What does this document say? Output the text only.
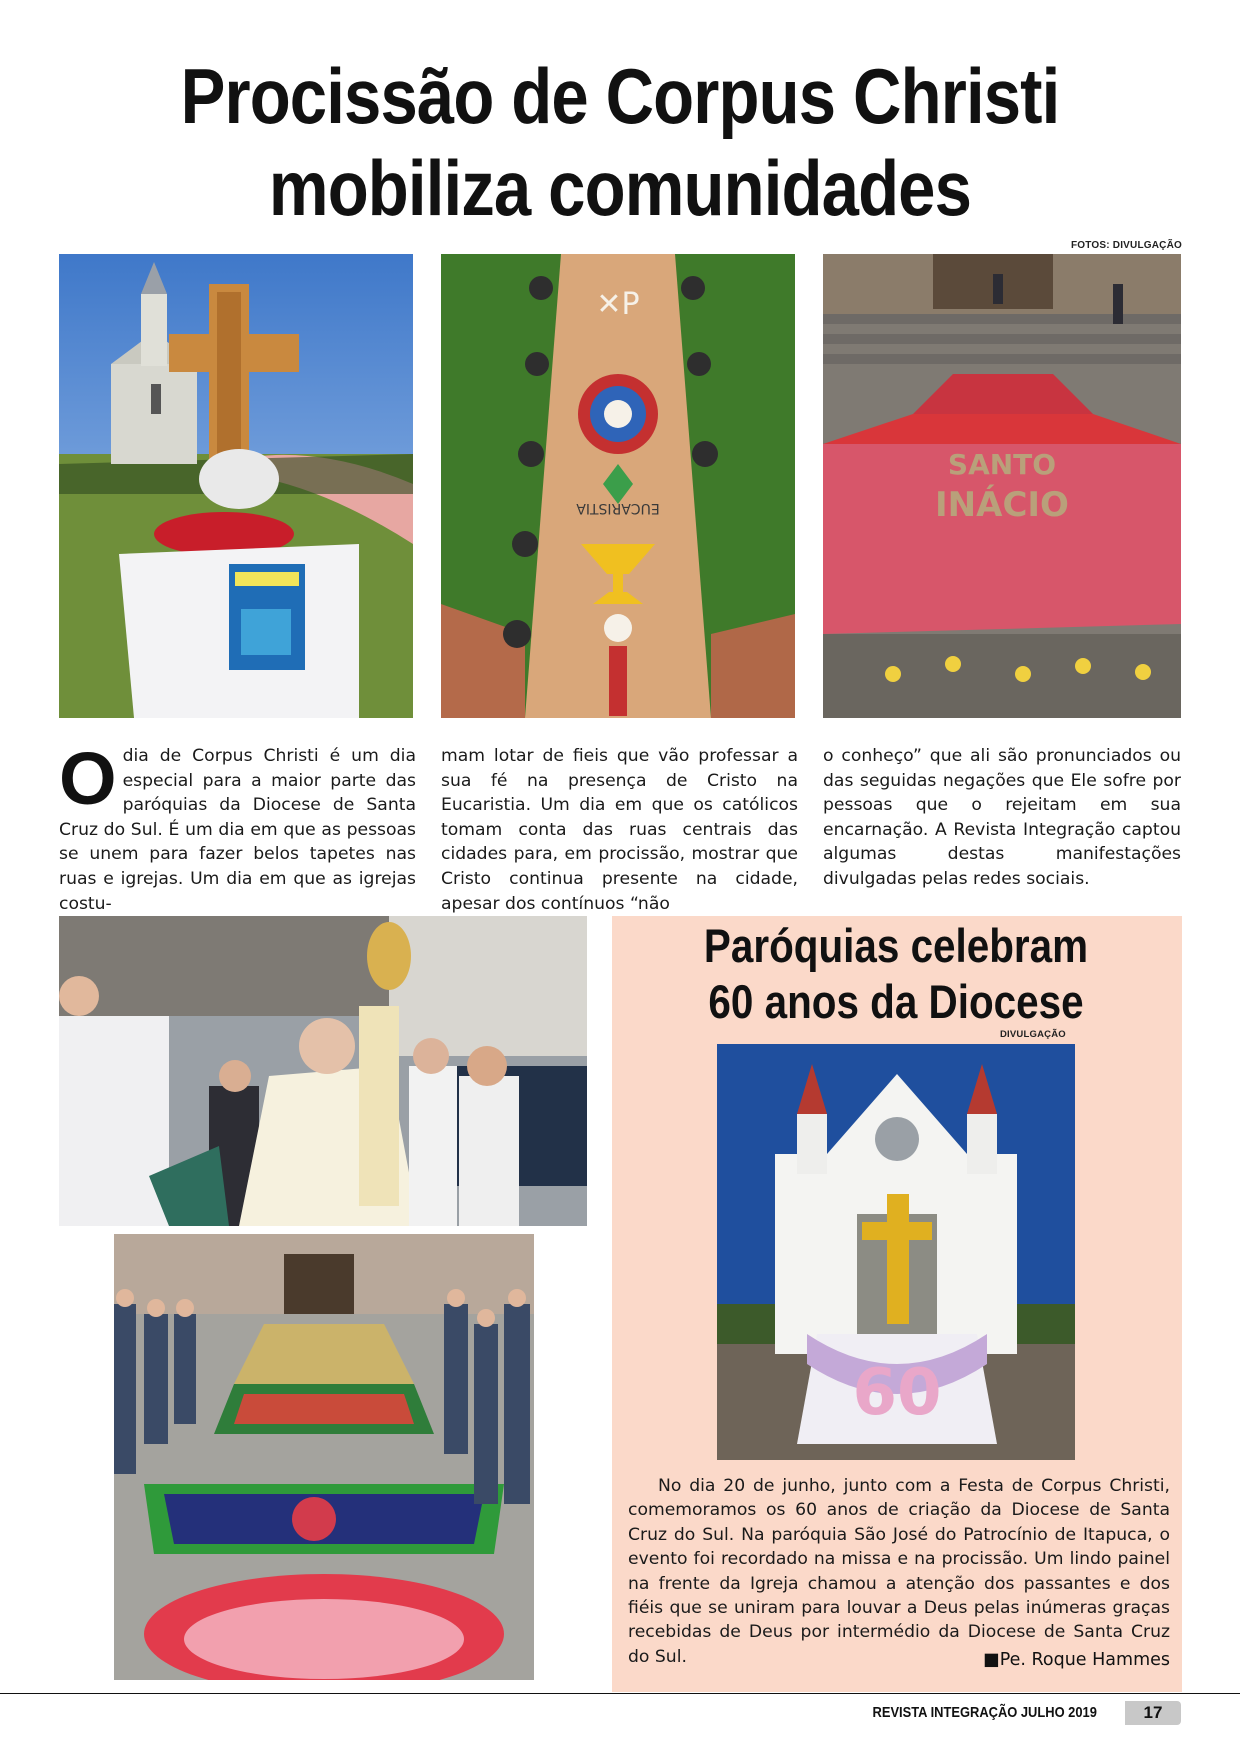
Procissão de Corpus Christi
mobiliza comunidades
FOTOS: DIVULGAÇÃO
✕P
EUCARISTIA
SANTO
INÁCIO
O dia de Corpus Christi é um dia especial para a maior parte das paróquias da Diocese de Santa Cruz do Sul. É um dia em que as pessoas se unem para fazer belos tapetes nas ruas e igrejas. Um dia em que as igrejas costu-

mam lotar de fieis que vão professar a sua fé na presença de Cristo na Eucaristia. Um dia em que os católicos tomam conta das ruas centrais das cidades para, em procissão, mostrar que Cristo continua presente na cidade, apesar dos contínuos “não

o conheço” que ali são pronunciados ou das seguidas negações que Ele sofre por pessoas que o rejeitam em sua encarnação. A Revista Integração captou algumas destas manifestações divulgadas pelas redes sociais.

Paróquias celebram
60 anos da Diocese
DIVULGAÇÃO
60

No dia 20 de junho, junto com a Festa de Corpus Christi, comemoramos os 60 anos de criação da Diocese de Santa Cruz do Sul. Na paróquia São José do Patrocínio de Itapuca, o evento foi recordado na missa e na procissão. Um lindo painel na frente da Igreja chamou a atenção dos passantes e dos fiéis que se uniram para louvar a Deus pelas inúmeras graças recebidas de Deus por intermédio da Diocese de Santa Cruz do Sul.	■Pe. Roque Hammes
REVISTA INTEGRAÇÃO JULHO 2019	17
